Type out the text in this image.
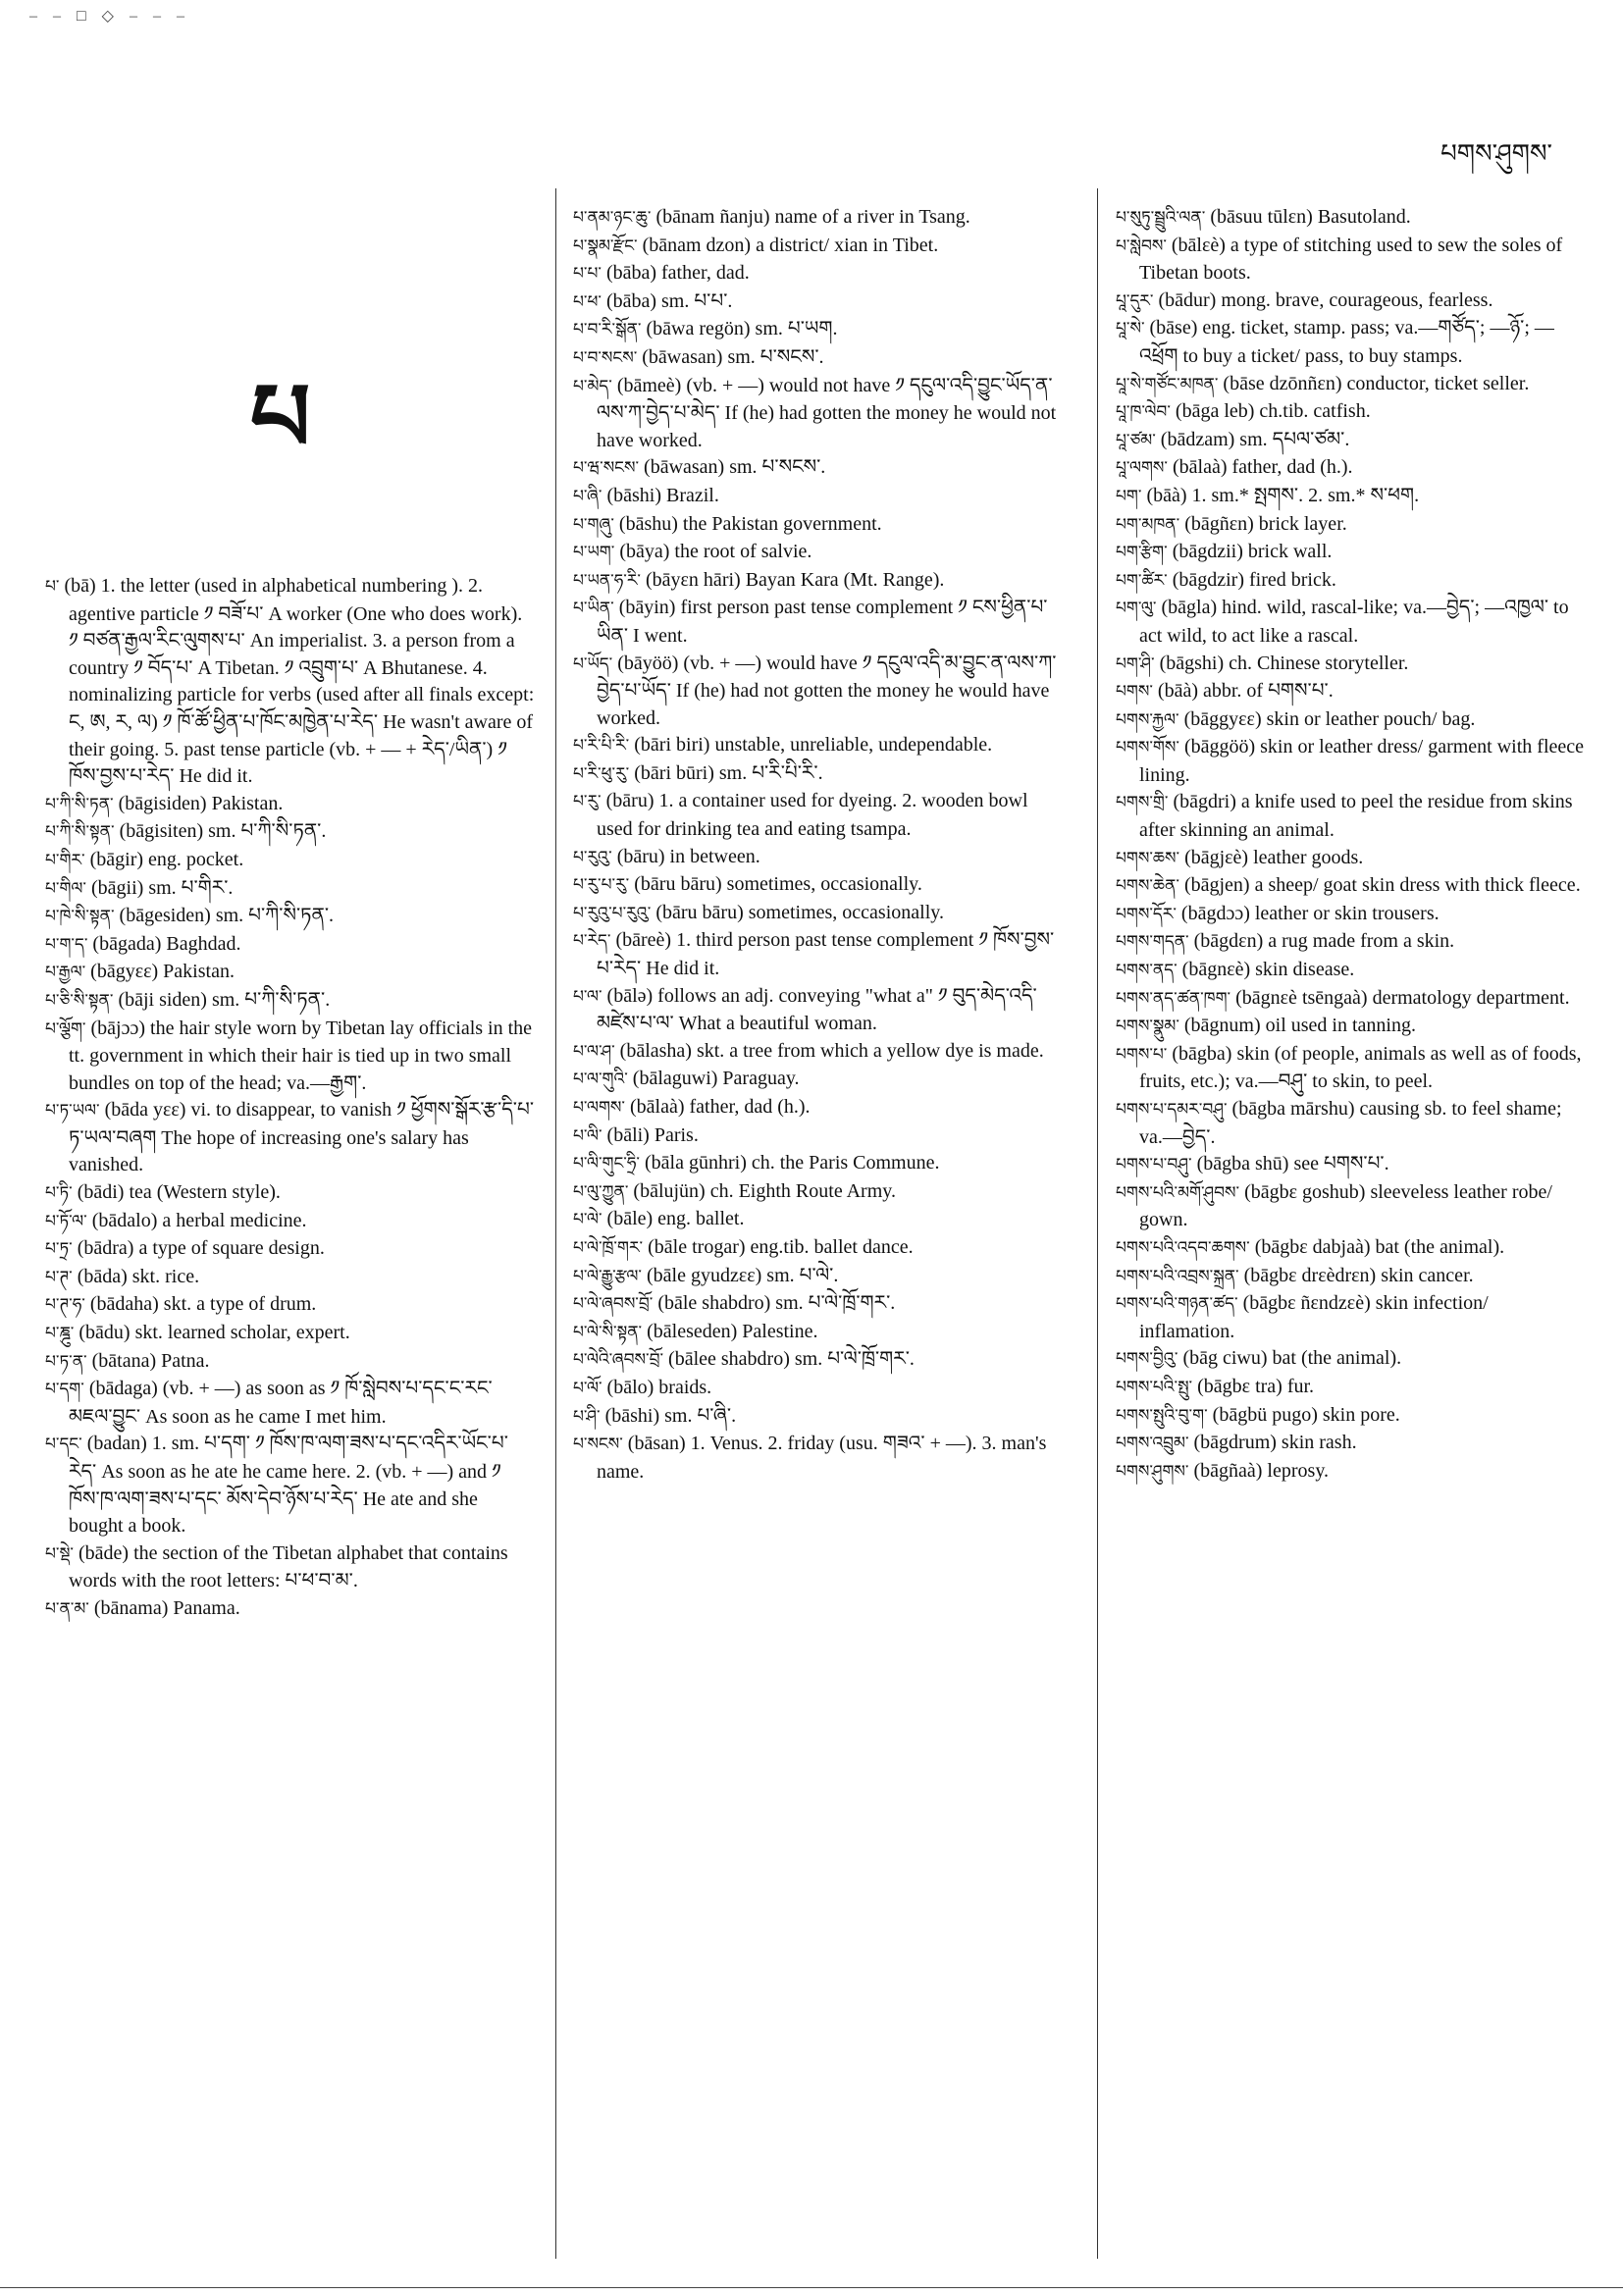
– – □ ◇ – – –
པགས་ཤུགས་
པ
པ་ (bā) 1. the letter (used in alphabetical numbering ). 2. agentive particle ༡ བཟོ་པ་ A worker (One who does work). ༡ བཙན་རྒྱལ་རིང་ལུགས་པ་ An imperialist. 3. a person from a country ༡ བོད་པ་ A Tibetan. ༡ འབྲུག་པ་ A Bhutanese. 4. nominalizing particle for verbs (used after all finals except: ང, ཨ, ར, ལ) ༡ ཁོ་ཚོ་ཕྱིན་པ་ཁོང་མཁྱེན་པ་རེད་ He wasn't aware of their going. 5. past tense particle (vb. + — + རེད་/ཡིན་) ༡ ཁོས་བྱས་པ་རེད་ He did it.
པ་ཀི་སི་ཏན་ (bāgisiden) Pakistan.
པ་ཀི་སི་སྟན་ (bāgisiten) sm. པ་ཀི་སི་ཏན་.
པ་གིར་ (bāgir) eng. pocket.
པ་གིལ་ (bāgii) sm. པ་གིར་.
པ་ཁེ་སི་སྟན་ (bāgesiden) sm. པ་ཀི་སི་ཏན་.
པ་ག་ད་ (bāgada) Baghdad.
པ་རྒྱལ་ (bāgyεε) Pakistan.
པ་ཅི་སི་སྟན་ (bāji siden) sm. པ་ཀི་སི་ཏན་.
པ་ལྕོག་ (bājɔɔ) the hair style worn by Tibetan lay officials in the tt. government in which their hair is tied up in two small bundles on top of the head; va.—རྒྱག་.
པ་ཏ་ཡལ་ (bāda yεε) vi. to disappear, to vanish ༡ ཕྱོགས་སྒོར་རྩ་དི་པ་ཏ་ཡལ་བཞག The hope of increasing one's salary has vanished.
པ་ཏི་ (bādi) tea (Western style).
པ་ཏོ་ལ་ (bādalo) a herbal medicine.
པ་ཏྲ་ (bādra) a type of square design.
པ་ཊ་ (bāda) skt. rice.
པ་ཊ་ཧ་ (bādaha) skt. a type of drum.
པ་ཎྜུ་ (bādu) skt. learned scholar, expert.
པ་ཏ་ན་ (bātana) Patna.
པ་དག་ (bādaga) (vb. + —) as soon as ༡ ཁོ་སླེབས་པ་དང་ང་རང་མཇལ་བྱུང་ As soon as he came I met him.
པ་དང་ (badan) 1. sm. པ་དག་ ༡ ཁོས་ཁ་ལག་ཟས་པ་དང་འདིར་ཡོང་པ་རེད་ As soon as he ate he came here. 2. (vb. + —) and ༡ ཁོས་ཁ་ལག་ཟས་པ་དང་ མོས་དེབ་ཉོས་པ་རེད་ He ate and she bought a book.
པ་སྡེ་ (bāde) the section of the Tibetan alphabet that contains words with the root letters: པ་ཕ་བ་མ་.
པ་ན་མ་ (bānama) Panama.
པ་ནམ་ཉང་ཆུ་ (bānam ñanju) name of a river in Tsang.
པ་སྣམ་རྫོང་ (bānam dzon) a district/ xian in Tibet.
པ་པ་ (bāba) father, dad.
པ་ཕ་ (bāba) sm. པ་པ་.
པ་བ་རི་སྒོན་ (bāwa regön) sm. པ་ཡག.
པ་བ་སངས་ (bāwasan) sm. པ་སངས་.
པ་མེད་ (bāmeè) (vb. + —) would not have ༡ དངུལ་འདི་བྱུང་ཡོད་ན་ལས་ཀ་བྱེད་པ་མེད་ If (he) had gotten the money he would not have worked.
པ་ཝ་སངས་ (bāwasan) sm. པ་སངས་.
པ་ཞི་ (bāshi) Brazil.
པ་གཞུ་ (bāshu) the Pakistan government.
པ་ཡག་ (bāya) the root of salvie.
པ་ཡན་ཧ་རི་ (bāyεn hāri) Bayan Kara (Mt. Range).
པ་ཡིན་ (bāyin) first person past tense complement ༡ ངས་ཕྱིན་པ་ཡིན་ I went.
པ་ཡོད་ (bāyöö) (vb. + —) would have ༡ དངུལ་འདི་མ་བྱུང་ན་ལས་ཀ་བྱེད་པ་ཡོད་ If (he) had not gotten the money he would have worked.
པ་རི་པི་རི་ (bāri biri) unstable, unreliable, undependable.
པ་རི་ཕུ་རུ་ (bāri būri) sm. པ་རི་པི་རི་.
པ་རུ་ (bāru) 1. a container used for dyeing. 2. wooden bowl used for drinking tea and eating tsampa.
པ་རུའུ་ (bāru) in between.
པ་རུ་པ་རུ་ (bāru bāru) sometimes, occasionally.
པ་རུའུ་པ་རུའུ་ (bāru bāru) sometimes, occasionally.
པ་རེད་ (bāreè) 1. third person past tense complement ༡ ཁོས་བྱས་པ་རེད་ He did it.
པ་ལ་ (bālə) follows an adj. conveying "what a" ༡ བུད་མེད་འདི་མཛེས་པ་ལ་ What a beautiful woman.
པ་ལ་ཤ་ (bālasha) skt. a tree from which a yellow dye is made.
པ་ལ་གུའི་ (bālaguwi) Paraguay.
པ་ལགས་ (bālaà) father, dad (h.).
པ་ལི་ (bāli) Paris.
པ་ལི་གུང་ཧྲི་ (bāla gūnhri) ch. the Paris Commune.
པ་ལུ་ཀྱུན་ (bālujün) ch. Eighth Route Army.
པ་ལེ་ (bāle) eng. ballet.
པ་ལེ་ཁྲོ་གར་ (bāle trogar) eng.tib. ballet dance.
པ་ལེ་རྒྱུ་རྩལ་ (bāle gyudzεε) sm. པ་ལེ་.
པ་ལེ་ཞབས་བྲོ་ (bāle shabdro) sm. པ་ལེ་ཁྲོ་གར་.
པ་ལེ་སི་སྟན་ (bāleseden) Palestine.
པ་ལེའི་ཞབས་བྲོ་ (bālee shabdro) sm. པ་ལེ་ཁྲོ་གར་.
པ་ལོ་ (bālo) braids.
པ་ཤི་ (bāshi) sm. པ་ཞི་.
པ་སངས་ (bāsan) 1. Venus. 2. friday (usu. གཟའ་ + —). 3. man's name.
པ་སུཏུ་སྦྲུའི་ལན་ (bāsuu tūlεn) Basutoland.
པ་སླེབས་ (bālεè) a type of stitching used to sew the soles of Tibetan boots.
པཱ་དུར་ (bādur) mong. brave, courageous, fearless.
པཱ་སེ་ (bāse) eng. ticket, stamp. pass; va.—གཙོད་; —ཉོ་; —འཕྲོག to buy a ticket/ pass, to buy stamps.
པཱ་སེ་གཙོང་མཁན་ (bāse dzōnñεn) conductor, ticket seller.
པཱ་ཁ་ལེབ་ (bāga leb) ch.tib. catfish.
པཱ་ཙམ་ (bādzam) sm. དཔལ་ཙམ་.
པཱ་ལགས་ (bālaà) father, dad (h.).
པག་ (bāà) 1. sm.* སྤགས་. 2. sm.* ས་ཕག.
པག་མཁན་ (bāgñεn) brick layer.
པག་རྩིག་ (bāgdzii) brick wall.
པག་ཚིར་ (bāgdzir) fired brick.
པག་ལུ་ (bāgla) hind. wild, rascal-like; va.—བྱེད་; —འཁྱལ་ to act wild, to act like a rascal.
པག་ཤི་ (bāgshi) ch. Chinese storyteller.
པགས་ (bāà) abbr. of པགས་པ་.
པགས་རྐྱལ་ (bāggyεε) skin or leather pouch/ bag.
པགས་གོས་ (bāggöö) skin or leather dress/ garment with fleece lining.
པགས་གྲི་ (bāgdri) a knife used to peel the residue from skins after skinning an animal.
པགས་ཆས་ (bāgjεè) leather goods.
པགས་ཆེན་ (bāgjen) a sheep/ goat skin dress with thick fleece.
པགས་དོར་ (bāgdɔɔ) leather or skin trousers.
པགས་གདན་ (bāgdεn) a rug made from a skin.
པགས་ནད་ (bāgnεè) skin disease.
པགས་ནད་ཚན་ཁག་ (bāgnεè tsēngaà) dermatology department.
པགས་སྣུམ་ (bāgnum) oil used in tanning.
པགས་པ་ (bāgba) skin (of people, animals as well as of foods, fruits, etc.); va.—བཤུ་ to skin, to peel.
པགས་པ་དམར་བཤུ་ (bāgba mārshu) causing sb. to feel shame; va.—བྱེད་.
པགས་པ་བཤུ་ (bāgba shū) see པགས་པ་.
པགས་པའི་མགོ་ཤུབས་ (bāgbε goshub) sleeveless leather robe/ gown.
པགས་པའི་འདབ་ཆགས་ (bāgbε dabjaà) bat (the animal).
པགས་པའི་འབྲས་སྐྲན་ (bāgbε drεèdrεn) skin cancer.
པགས་པའི་གཉན་ཚད་ (bāgbε ñεndzεè) skin infection/ inflamation.
པགས་བྱིའུ་ (bāg ciwu) bat (the animal).
པགས་པའི་སྤུ་ (bāgbε tra) fur.
པགས་སྤུའི་བུ་ག་ (bāgbü pugo) skin pore.
པགས་འབྲུམ་ (bāgdrum) skin rash.
པགས་ཤུགས་ (bāgñaà) leprosy.
